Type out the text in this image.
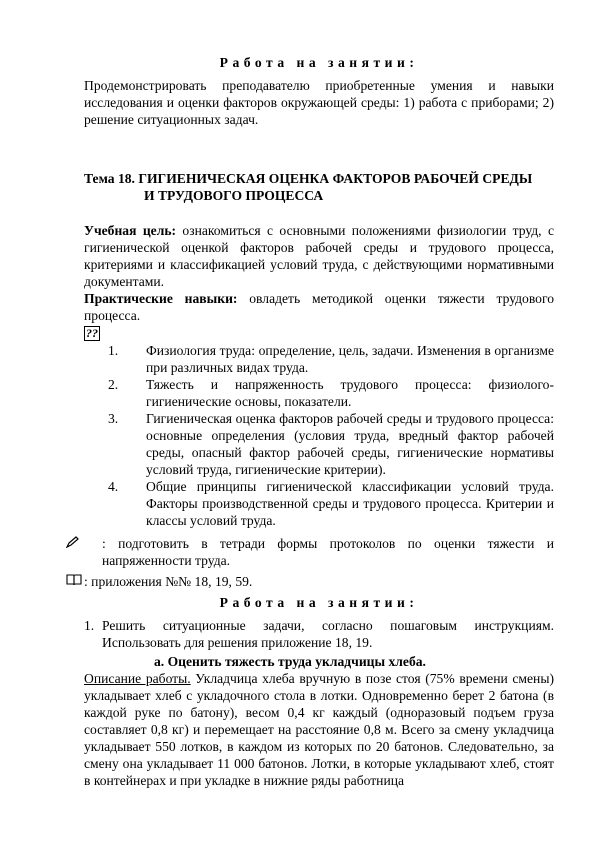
Работа на занятии:

Продемонстрировать преподавателю приобретенные умения и навыки исследования и оценки факторов окружающей среды: 1) работа с приборами; 2) решение ситуационных задач.

Тема 18. ГИГИЕНИЧЕСКАЯ ОЦЕНКА ФАКТОРОВ РАБОЧЕЙ СРЕДЫ
И ТРУДОВОГО ПРОЦЕССА

Учебная цель: ознакомиться с основными положениями физиологии труд, с гигиенической оценкой факторов рабочей среды и трудового процесса, критериями и классификацией условий труда, с действующими нормативными документами.

Практические навыки: овладеть методикой оценки тяжести трудового процесса.

??
1. Физиология труда: определение, цель, задачи. Изменения в организме при различных видах труда.
2. Тяжесть и напряженность трудового процесса: физиолого-гигиенические основы, показатели.
3. Гигиеническая оценка факторов рабочей среды и трудового процесса: основные определения (условия труда, вредный фактор рабочей среды, опасный фактор рабочей среды, гигиенические нормативы условий труда, гигиенические критерии).
4. Общие принципы гигиенической классификации условий труда. Факторы производственной среды и трудового процесса. Критерии и классы условий труда.

: подготовить в тетради формы протоколов по оценки тяжести и напряженности труда.

: приложения №№ 18, 19, 59.

Работа на занятии:

1. Решить ситуационные задачи, согласно пошаговым инструкциям. Использовать для решения приложение 18, 19.

а. Оценить тяжесть труда укладчицы хлеба.

Описание работы. Укладчица хлеба вручную в позе стоя (75% времени смены) укладывает хлеб с укладочного стола в лотки. Одновременно берет 2 батона (в каждой руке по батону), весом 0,4 кг каждый (одноразовый подъем груза составляет 0,8 кг) и перемещает на расстояние 0,8 м. Всего за смену укладчица укладывает 550 лотков, в каждом из которых по 20 батонов. Следовательно, за смену она укладывает 11 000 батонов. Лотки, в которые укладывают хлеб, стоят в контейнерах и при укладке в нижние ряды работница
